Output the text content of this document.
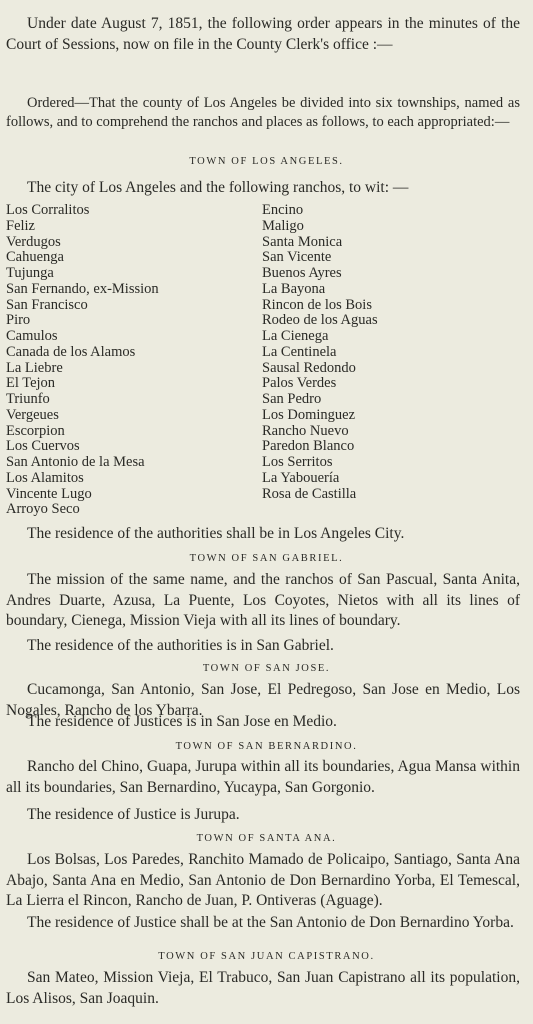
Under date August 7, 1851, the following order appears in the minutes of the Court of Sessions, now on file in the County Clerk's office :—
Ordered—That the county of Los Angeles be divided into six townships, named as follows, and to comprehend the ranchos and places as follows, to each appropriated:—
TOWN OF LOS ANGELES.
The city of Los Angeles and the following ranchos, to wit: —
Los Corralitos
Feliz
Verdugos
Cahuenga
Tujunga
San Fernando, ex-Mission
San Francisco
Piro
Camulos
Canada de los Alamos
La Liebre
El Tejon
Triunfo
Vergeues
Escorpion
Los Cuervos
San Antonio de la Mesa
Los Alamitos
Vincente Lugo
Arroyo Seco
Encino
Maligo
Santa Monica
San Vicente
Buenos Ayres
La Bayona
Rincon de los Bois
Rodeo de los Aguas
La Cienega
La Centinela
Sausal Redondo
Palos Verdes
San Pedro
Los Dominguez
Rancho Nuevo
Paredon Blanco
Los Serritos
La Yabouería
Rosa de Castilla
The residence of the authorities shall be in Los Angeles City.
TOWN OF SAN GABRIEL.
The mission of the same name, and the ranchos of San Pascual, Santa Anita, Andres Duarte, Azusa, La Puente, Los Coyotes, Nietos with all its lines of boundary, Cienega, Mission Vieja with all its lines of boundary.
The residence of the authorities is in San Gabriel.
TOWN OF SAN JOSE.
Cucamonga, San Antonio, San Jose, El Pedregoso, San Jose en Medio, Los Nogales, Rancho de los Ybarra.
The residence of Justices is in San Jose en Medio.
TOWN OF SAN BERNARDINO.
Rancho del Chino, Guapa, Jurupa within all its boundaries, Agua Mansa within all its boundaries, San Bernardino, Yucaypa, San Gorgonio.
The residence of Justice is Jurupa.
TOWN OF SANTA ANA.
Los Bolsas, Los Paredes, Ranchito Mamado de Policaipo, Santiago, Santa Ana Abajo, Santa Ana en Medio, San Antonio de Don Bernardino Yorba, El Temescal, La Lierra el Rincon, Rancho de Juan, P. Ontiveras (Aguage).
The residence of Justice shall be at the San Antonio de Don Bernardino Yorba.
TOWN OF SAN JUAN CAPISTRANO.
San Mateo, Mission Vieja, El Trabuco, San Juan Capistrano all its population, Los Alisos, San Joaquin.
